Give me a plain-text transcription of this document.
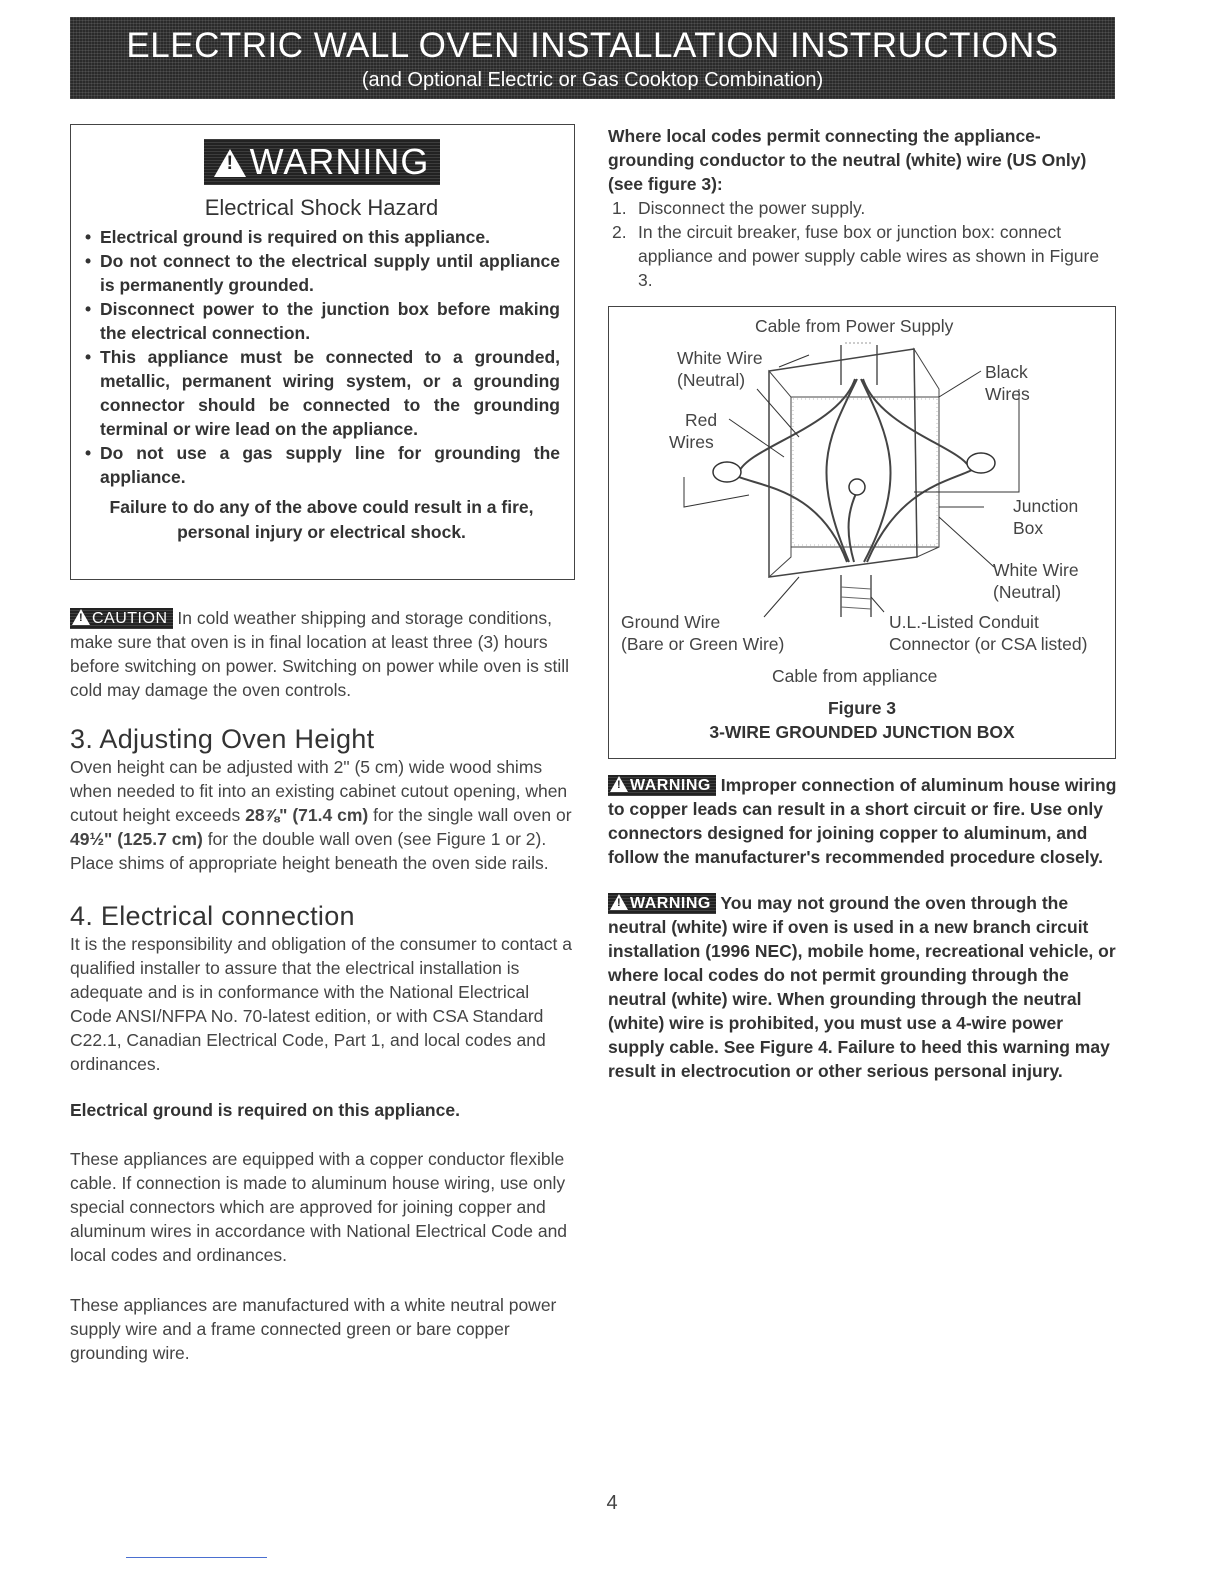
ELECTRIC WALL OVEN INSTALLATION INSTRUCTIONS
(and Optional Electric or Gas Cooktop Combination)
!WARNING
Electrical Shock Hazard
• Electrical ground is required on this appliance.
• Do not connect to the electrical supply until appliance is permanently grounded.
• Disconnect power to the junction box before making the electrical connection.
• This appliance must be connected to a grounded, metallic, permanent wiring system, or a grounding connector should be connected to the grounding terminal or wire lead on the appliance.
• Do not use a gas supply line for grounding the appliance.
Failure to do any of the above could result in a fire, personal injury or electrical shock.

!CAUTION In cold weather shipping and storage conditions, make sure that oven is in final location at least three (3) hours before switching on power. Switching on power while oven is still cold may damage the oven controls.

3. Adjusting Oven Height

Oven height can be adjusted with 2" (5 cm) wide wood shims when needed to fit into an existing cabinet cutout opening, when cutout height exceeds 28⅞" (71.4 cm) for the single wall oven or 49½" (125.7 cm) for the double wall oven (see Figure 1 or 2). Place shims of appropriate height beneath the oven side rails.

4. Electrical connection

It is the responsibility and obligation of the consumer to contact a qualified installer to assure that the electrical installation is adequate and is in conformance with the National Electrical Code ANSI/NFPA No. 70-latest edition, or with CSA Standard C22.1, Canadian Electrical Code, Part 1, and local codes and ordinances.

Electrical ground is required on this appliance.

These appliances are equipped with a copper conductor flexible cable. If connection is made to aluminum house wiring, use only special connectors which are approved for joining copper and aluminum wires in accordance with National Electrical Code and local codes and ordinances.

These appliances are manufactured with a white neutral power supply wire and a frame connected green or bare copper grounding wire.

Where local codes permit connecting the appliance-grounding conductor to the neutral (white) wire (US Only) (see figure 3):

1. Disconnect the power supply.
2. In the circuit breaker, fuse box or junction box: connect appliance and power supply cable wires as shown in Figure 3.
Cable from Power Supply
White Wire
(Neutral)
Red
Wires
Black
Wires
Junction
Box
White Wire
(Neutral)
Ground Wire
(Bare or Green Wire)
U.L.-Listed Conduit
Connector (or CSA listed)
Cable from appliance
Figure 3
3-WIRE GROUNDED JUNCTION BOX

!WARNING Improper connection of aluminum house wiring to copper leads can result in a short circuit or fire. Use only connectors designed for joining copper to aluminum, and follow the manufacturer's recommended procedure closely.

!WARNING You may not ground the oven through the neutral (white) wire if oven is used in a new branch circuit installation (1996 NEC), mobile home, recreational vehicle, or where local codes do not permit grounding through the neutral (white) wire. When grounding through the neutral (white) wire is prohibited, you must use a 4-wire power supply cable. See Figure 4. Failure to heed this warning may result in electrocution or other serious personal injury.

4
